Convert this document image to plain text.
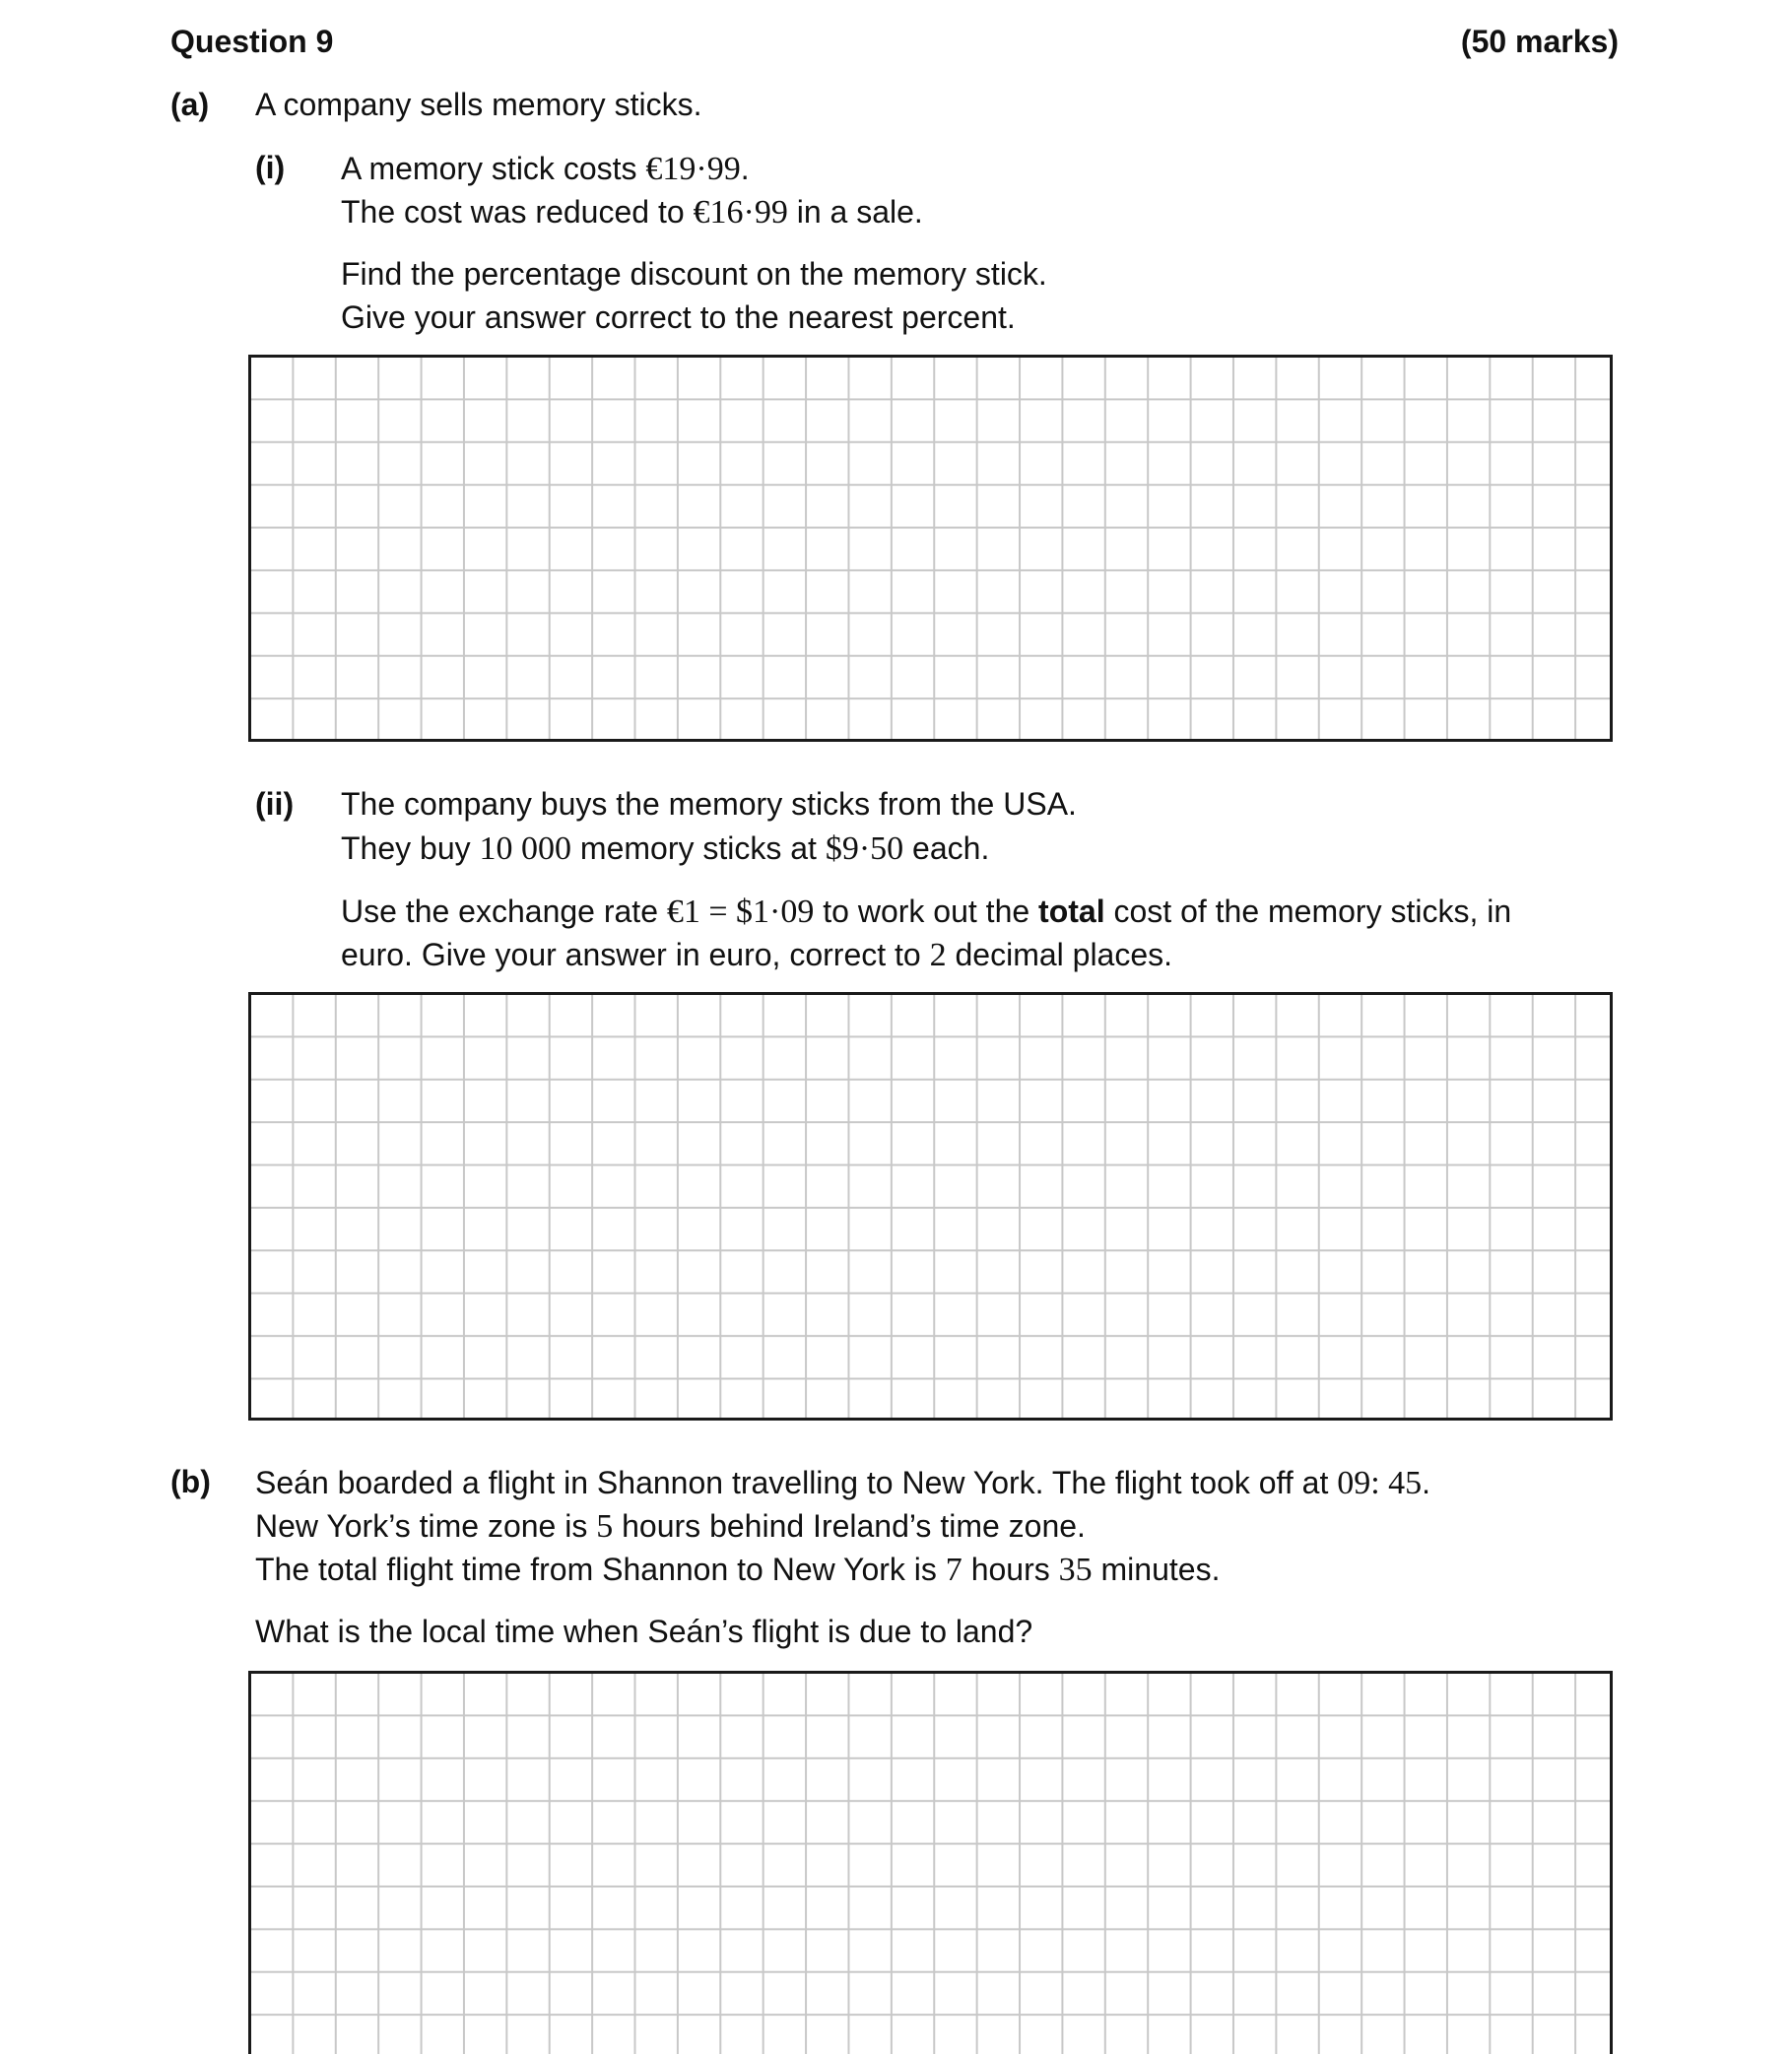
Question 9	(50 marks)
(a) A company sells memory sticks.
(i) A memory stick costs €19·99.
The cost was reduced to €16·99 in a sale.
Find the percentage discount on the memory stick.
Give your answer correct to the nearest percent.
(ii) The company buys the memory sticks from the USA.
They buy 10 000 memory sticks at $9·50 each.
Use the exchange rate €1 = $1·09 to work out the total cost of the memory sticks, in
euro. Give your answer in euro, correct to 2 decimal places.
(b) Seán boarded a flight in Shannon travelling to New York. The flight took off at 09: 45.
New York’s time zone is 5 hours behind Ireland’s time zone.
The total flight time from Shannon to New York is 7 hours 35 minutes.
What is the local time when Seán’s flight is due to land?
